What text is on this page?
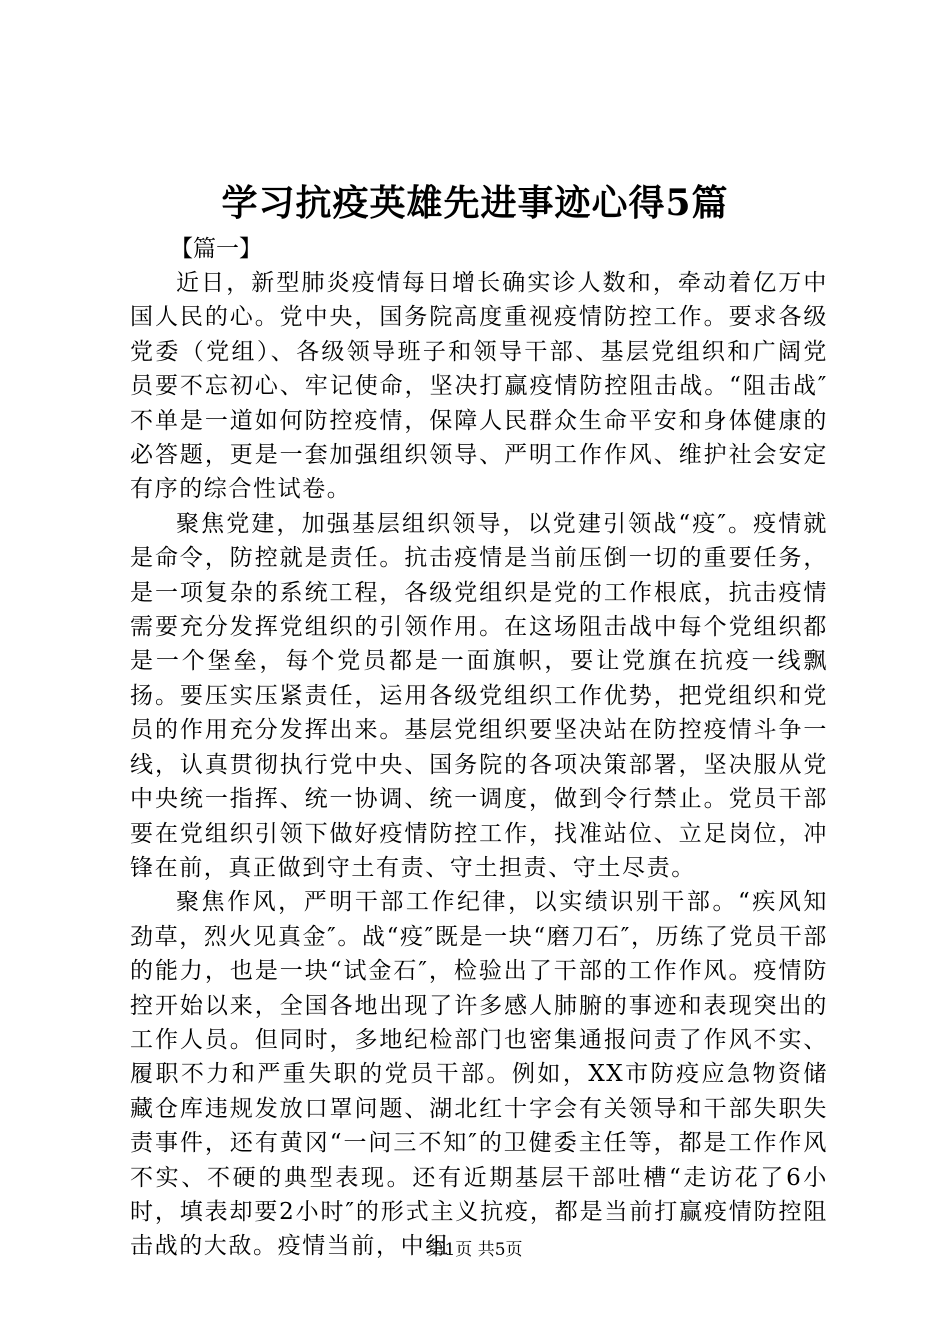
学习抗疫英雄先进事迹心得5篇
【篇一】

近日，新型肺炎疫情每日增长确实诊人数和，牵动着亿万中国人民的心。党中央，国务院高度重视疫情防控工作。要求各级党委（党组）、各级领导班子和领导干部、基层党组织和广阔党员要不忘初心、牢记使命，坚决打赢疫情防控阻击战。“阻击战″不单是一道如何防控疫情，保障人民群众生命平安和身体健康的必答题，更是一套加强组织领导、严明工作作风、维护社会安定有序的综合性试卷。

聚焦党建，加强基层组织领导，以党建引领战“疫″。疫情就是命令，防控就是责任。抗击疫情是当前压倒一切的重要任务，是一项复杂的系统工程，各级党组织是党的工作根底，抗击疫情需要充分发挥党组织的引领作用。在这场阻击战中每个党组织都是一个堡垒，每个党员都是一面旗帜，要让党旗在抗疫一线飘扬。要压实压紧责任，运用各级党组织工作优势，把党组织和党员的作用充分发挥出来。基层党组织要坚决站在防控疫情斗争一线，认真贯彻执行党中央、国务院的各项决策部署，坚决服从党中央统一指挥、统一协调、统一调度，做到令行禁止。党员干部要在党组织引领下做好疫情防控工作，找准站位、立足岗位，冲锋在前，真正做到守土有责、守土担责、守土尽责。

聚焦作风，严明干部工作纪律，以实绩识别干部。“疾风知劲草，烈火见真金″。战“疫″既是一块“磨刀石″，历练了党员干部的能力，也是一块“试金石″，检验出了干部的工作作风。疫情防控开始以来，全国各地出现了许多感人肺腑的事迹和表现突出的工作人员。但同时，多地纪检部门也密集通报问责了作风不实、履职不力和严重失职的党员干部。例如，XX市防疫应急物资储藏仓库违规发放口罩问题、湖北红十字会有关领导和干部失职失责事件，还有黄冈“一问三不知″的卫健委主任等，都是工作作风不实、不硬的典型表现。还有近期基层干部吐槽“走访花了6小时，填表却要2小时″的形式主义抗疫，都是当前打赢疫情防控阻击战的大敌。疫情当前，中组

第1页 共5页
